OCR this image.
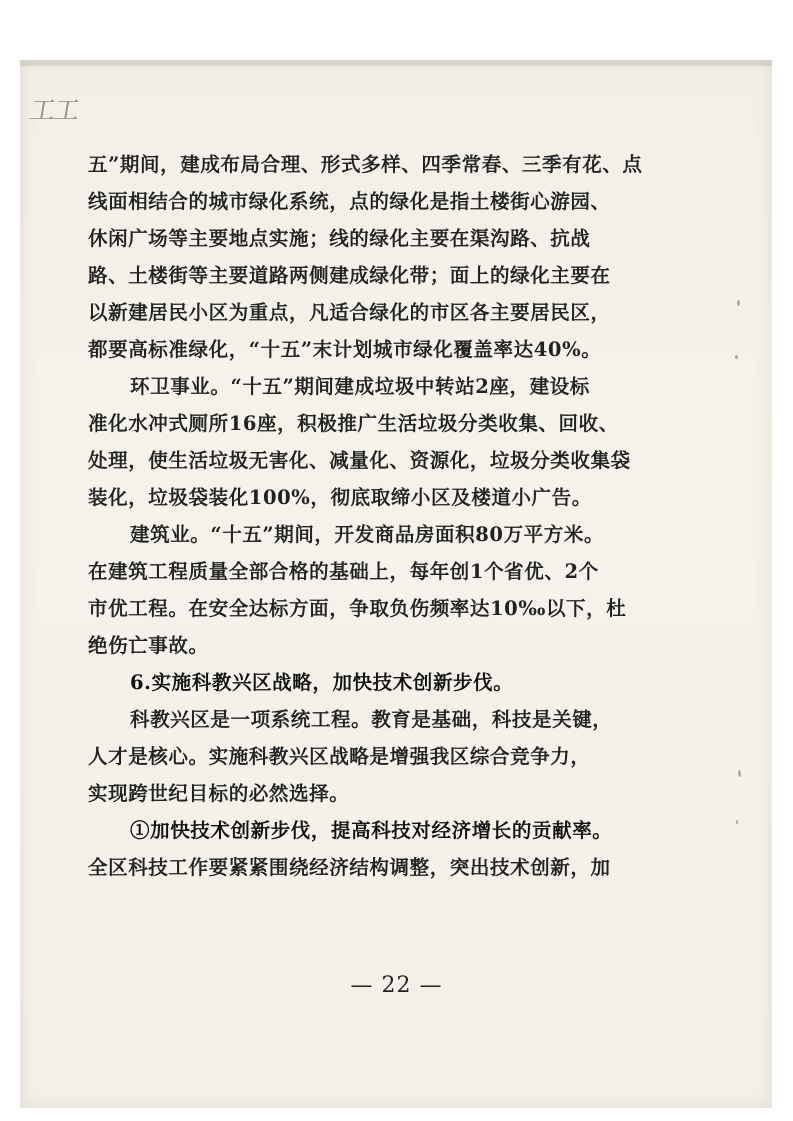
工工
五”期间，建成布局合理、形式多样、四季常春、三季有花、点
线面相结合的城市绿化系统，点的绿化是指土楼街心游园、
休闲广场等主要地点实施；线的绿化主要在渠沟路、抗战
路、土楼街等主要道路两侧建成绿化带；面上的绿化主要在
以新建居民小区为重点，凡适合绿化的市区各主要居民区，
都要高标准绿化，“十五”末计划城市绿化覆盖率达40%。
环卫事业。“十五”期间建成垃圾中转站2座，建设标
准化水冲式厕所16座，积极推广生活垃圾分类收集、回收、
处理，使生活垃圾无害化、减量化、资源化，垃圾分类收集袋
装化，垃圾袋装化100%，彻底取缔小区及楼道小广告。
建筑业。“十五”期间，开发商品房面积80万平方米。
在建筑工程质量全部合格的基础上，每年创1个省优、2个
市优工程。在安全达标方面，争取负伤频率达10‰以下，杜
绝伤亡事故。
6.实施科教兴区战略，加快技术创新步伐。
科教兴区是一项系统工程。教育是基础，科技是关键，
人才是核心。实施科教兴区战略是增强我区综合竞争力，
实现跨世纪目标的必然选择。
①加快技术创新步伐，提高科技对经济增长的贡献率。
全区科技工作要紧紧围绕经济结构调整，突出技术创新，加
— 22 —
